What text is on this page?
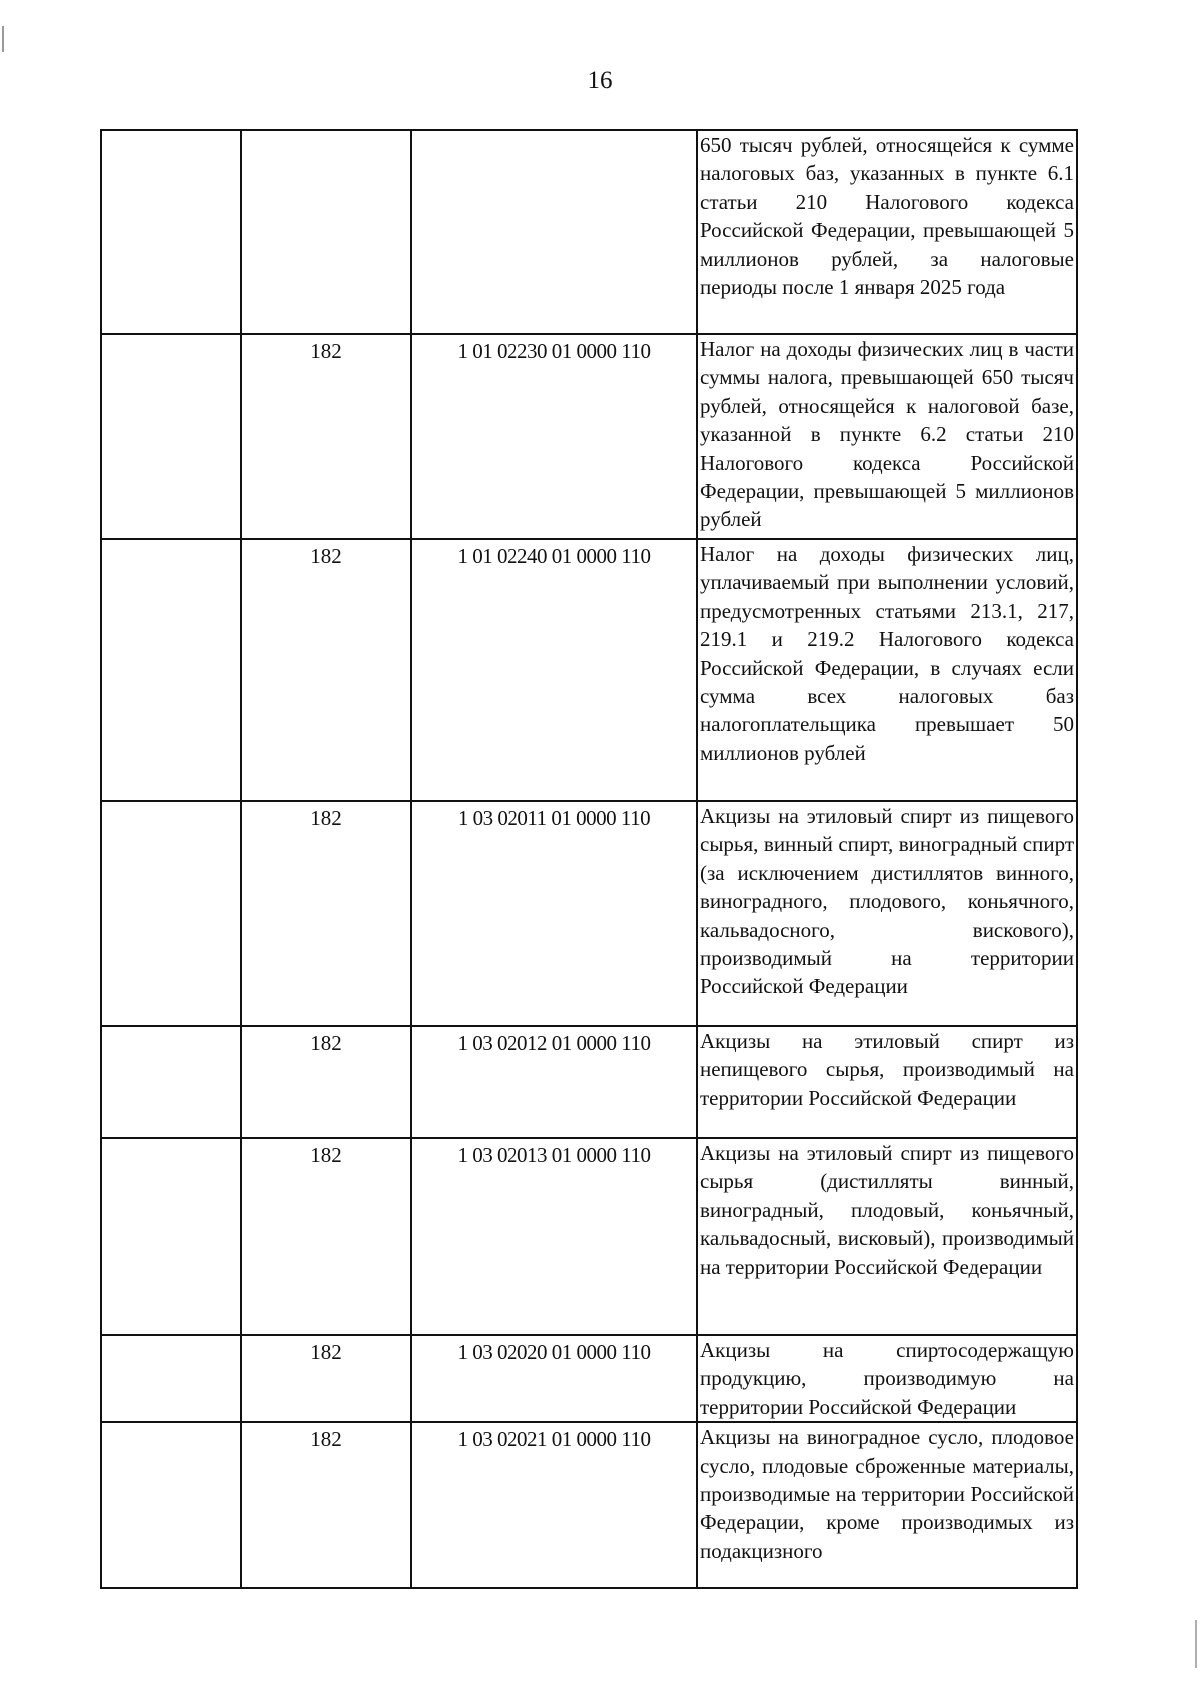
16
			650 тысяч рублей, относящейся к сумме налоговых баз, указанных в пункте 6.1 статьи 210 Налогового кодекса Российской Федерации, превышающей 5 миллионов рублей, за налоговые периоды после 1 января 2025 года
	182	1 01 02230 01 0000 110	Налог на доходы физических лиц в части суммы налога, превышающей 650 тысяч рублей, относящейся к налоговой базе, указанной в пункте 6.2 статьи 210 Налогового кодекса Российской Федерации, превышающей 5 миллионов рублей
	182	1 01 02240 01 0000 110	Налог на доходы физических лиц, уплачиваемый при выполнении условий, предусмотренных статьями 213.1, 217, 219.1 и 219.2 Налогового кодекса Российской Федерации, в случаях если сумма всех налоговых баз налогоплательщика превышает 50 миллионов рублей
	182	1 03 02011 01 0000 110	Акцизы на этиловый спирт из пищевого сырья, винный спирт, виноградный спирт (за исключением дистиллятов винного, виноградного, плодового, коньячного, кальвадосного, вискового), производимый на территории Российской Федерации
	182	1 03 02012 01 0000 110	Акцизы на этиловый спирт из непищевого сырья, производимый на территории Российской Федерации
	182	1 03 02013 01 0000 110	Акцизы на этиловый спирт из пищевого сырья (дистилляты винный, виноградный, плодовый, коньячный, кальвадосный, висковый), производимый на территории Российской Федерации
	182	1 03 02020 01 0000 110	Акцизы на спиртосодержащую продукцию, производимую на территории Российской Федерации
	182	1 03 02021 01 0000 110	Акцизы на виноградное сусло, плодовое сусло, плодовые сброженные материалы, производимые на территории Российской Федерации, кроме производимых из подакцизного
